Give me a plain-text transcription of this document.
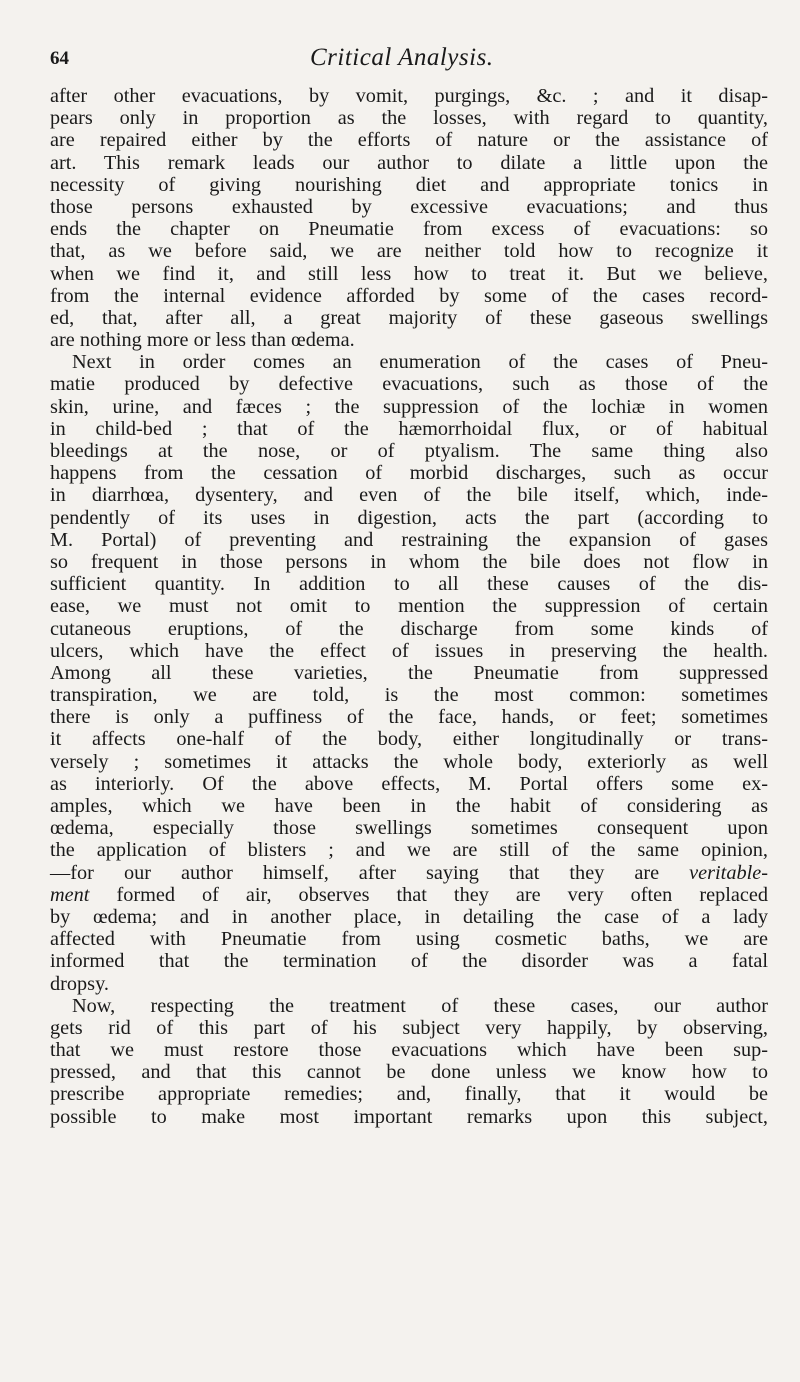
64	Critical Analysis.
after other evacuations, by vomit, purgings, &c. ; and it disap-
pears only in proportion as the losses, with regard to quantity,
are repaired either by the efforts of nature or the assistance of
art. This remark leads our author to dilate a little upon the
necessity of giving nourishing diet and appropriate tonics in
those persons exhausted by excessive evacuations; and thus
ends the chapter on Pneumatie from excess of evacuations: so
that, as we before said, we are neither told how to recognize it
when we find it, and still less how to treat it. But we believe,
from the internal evidence afforded by some of the cases record-
ed, that, after all, a great majority of these gaseous swellings
are nothing more or less than œdema.
Next in order comes an enumeration of the cases of Pneu-
matie produced by defective evacuations, such as those of the
skin, urine, and fæces ; the suppression of the lochiæ in women
in child-bed ; that of the hæmorrhoidal flux, or of habitual
bleedings at the nose, or of ptyalism. The same thing also
happens from the cessation of morbid discharges, such as occur
in diarrhœa, dysentery, and even of the bile itself, which, inde-
pendently of its uses in digestion, acts the part (according to
M. Portal) of preventing and restraining the expansion of gases
so frequent in those persons in whom the bile does not flow in
sufficient quantity. In addition to all these causes of the dis-
ease, we must not omit to mention the suppression of certain
cutaneous eruptions, of the discharge from some kinds of
ulcers, which have the effect of issues in preserving the health.
Among all these varieties, the Pneumatie from suppressed
transpiration, we are told, is the most common: sometimes
there is only a puffiness of the face, hands, or feet; sometimes
it affects one-half of the body, either longitudinally or trans-
versely ; sometimes it attacks the whole body, exteriorly as well
as interiorly. Of the above effects, M. Portal offers some ex-
amples, which we have been in the habit of considering as
œdema, especially those swellings sometimes consequent upon
the application of blisters ; and we are still of the same opinion,
—for our author himself, after saying that they are veritable-
ment formed of air, observes that they are very often replaced
by œdema; and in another place, in detailing the case of a lady
affected with Pneumatie from using cosmetic baths, we are
informed that the termination of the disorder was a fatal
dropsy.
Now, respecting the treatment of these cases, our author
gets rid of this part of his subject very happily, by observing,
that we must restore those evacuations which have been sup-
pressed, and that this cannot be done unless we know how to
prescribe appropriate remedies; and, finally, that it would be
possible to make most important remarks upon this subject,
